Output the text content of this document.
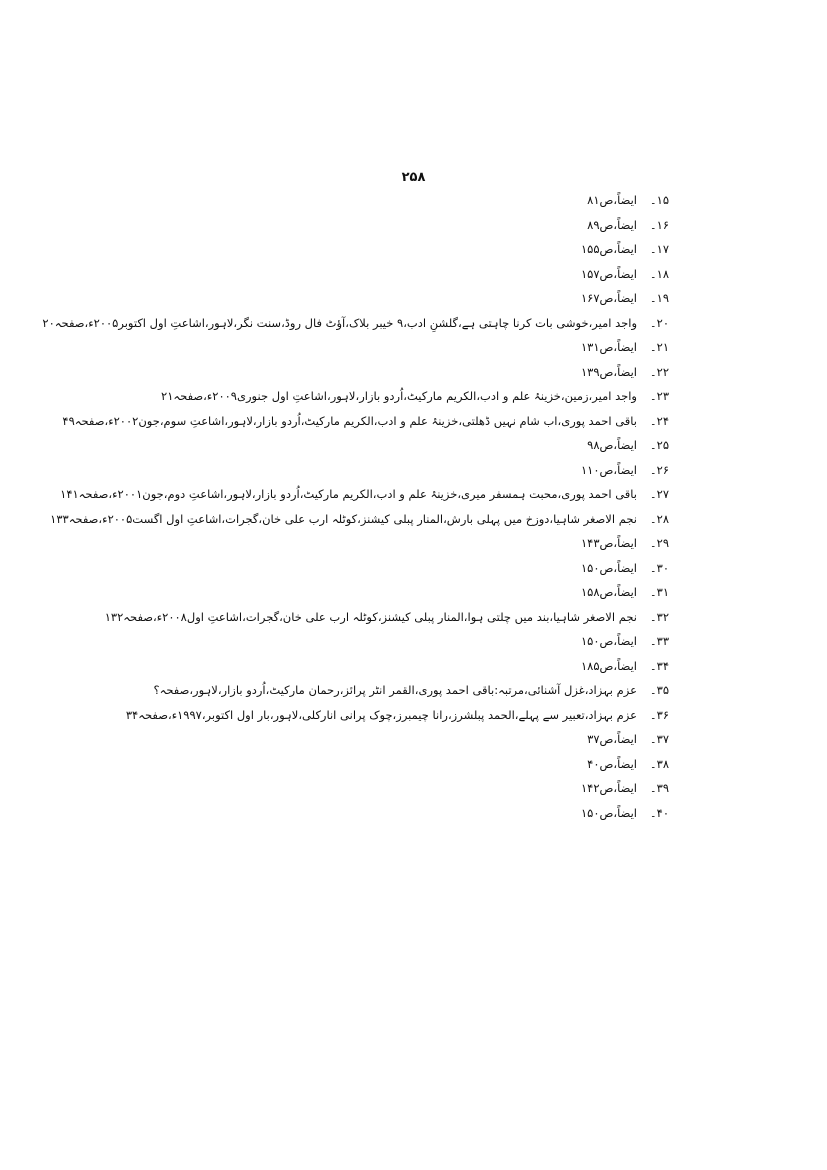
۲۵۸
۱۵۔ایضاً،ص۸۱
۱۶۔ایضاً،ص۸۹
۱۷۔ایضاً،ص۱۵۵
۱۸۔ایضاً،ص۱۵۷
۱۹۔ایضاً،ص۱۶۷
۲۰۔واجد امیر،خوشی بات کرنا چاہتی ہے،گلشنِ ادب،۹ خیبر بلاک،آؤٹ فال روڈ،سنت نگر،لاہور،اشاعتِ اول اکتوبر۲۰۰۵ء،صفحہ۲۰
۲۱۔ایضاً،ص۱۳۱
۲۲۔ایضاً،ص۱۳۹
۲۳۔واجد امیر،زمین،خزینۂ علم و ادب،الکریم مارکیٹ،اُردو بازار،لاہور،اشاعتِ اول جنوری۲۰۰۹ء،صفحہ۲۱
۲۴۔باقی احمد پوری،اب شام نہیں ڈھلتی،خزینۂ علم و ادب،الکریم مارکیٹ،اُردو بازار،لاہور،اشاعتِ سوم،جون۲۰۰۲ء،صفحہ۴۹
۲۵۔ایضاً،ص۹۸
۲۶۔ایضاً،ص۱۱۰
۲۷۔باقی احمد پوری،محبت ہمسفر میری،خزینۂ علم و ادب،الکریم مارکیٹ،اُردو بازار،لاہور،اشاعتِ دوم،جون۲۰۰۱ء،صفحہ۱۴۱
۲۸۔نجم الاصغر شاہیا،دوزخ میں پہلی بارش،المنار پبلی کیشنز،کوٹلہ ارب علی خان،گجرات،اشاعتِ اول اگست۲۰۰۵ء،صفحہ۱۳۳
۲۹۔ایضاً،ص۱۴۳
۳۰۔ایضاً،ص۱۵۰
۳۱۔ایضاً،ص۱۵۸
۳۲۔نجم الاصغر شاہیا،بند میں چلتی ہوا،المنار پبلی کیشنز،کوٹلہ ارب علی خان،گجرات،اشاعتِ اول۲۰۰۸ء،صفحہ۱۳۲
۳۳۔ایضاً،ص۱۵۰
۳۴۔ایضاً،ص۱۸۵
۳۵۔عزم بہزاد،غزل آشنائی،مرتبہ:باقی احمد پوری،القمر انٹر پرائز،رحمان مارکیٹ،اُردو بازار،لاہور،صفحہ؟
۳۶۔عزم بہزاد،تعبیر سے پہلے،الحمد پبلشرز،رانا چیمبرز،چوک پرانی انارکلی،لاہور،بار اول اکتوبر،۱۹۹۷ء،صفحہ۳۴
۳۷۔ایضاً،ص۳۷
۳۸۔ایضاً،ص۴۰
۳۹۔ایضاً،ص۱۴۲
۴۰۔ایضاً،ص۱۵۰
